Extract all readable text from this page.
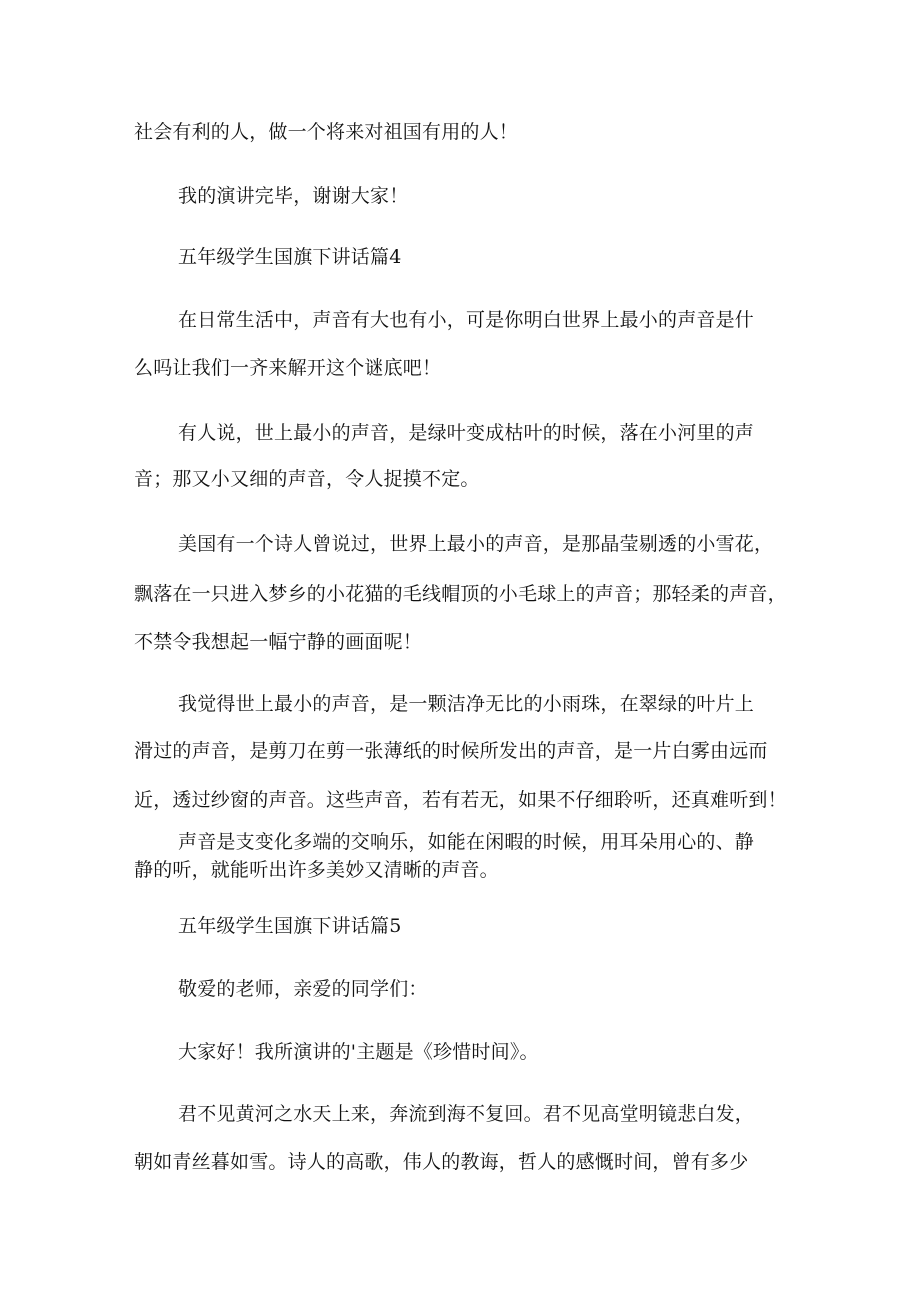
社会有利的人，做一个将来对祖国有用的人！
我的演讲完毕，谢谢大家！
五年级学生国旗下讲话篇4
在日常生活中，声音有大也有小，可是你明白世界上最小的声音是什
么吗让我们一齐来解开这个谜底吧！
有人说，世上最小的声音，是绿叶变成枯叶的时候，落在小河里的声
音；那又小又细的声音，令人捉摸不定。
美国有一个诗人曾说过，世界上最小的声音，是那晶莹剔透的小雪花，
飘落在一只进入梦乡的小花猫的毛线帽顶的小毛球上的声音；那轻柔的声音，
不禁令我想起一幅宁静的画面呢！
我觉得世上最小的声音，是一颗洁净无比的小雨珠，在翠绿的叶片上
滑过的声音，是剪刀在剪一张薄纸的时候所发出的声音，是一片白雾由远而
近，透过纱窗的声音。这些声音，若有若无，如果不仔细聆听，还真难听到！
声音是支变化多端的交响乐，如能在闲暇的时候，用耳朵用心的、静
静的听，就能听出许多美妙又清晰的声音。
五年级学生国旗下讲话篇5
敬爱的老师，亲爱的同学们：
大家好！我所演讲的'主题是《珍惜时间》。
君不见黄河之水天上来，奔流到海不复回。君不见高堂明镜悲白发，
朝如青丝暮如雪。诗人的高歌，伟人的教诲，哲人的感慨时间，曾有多少
